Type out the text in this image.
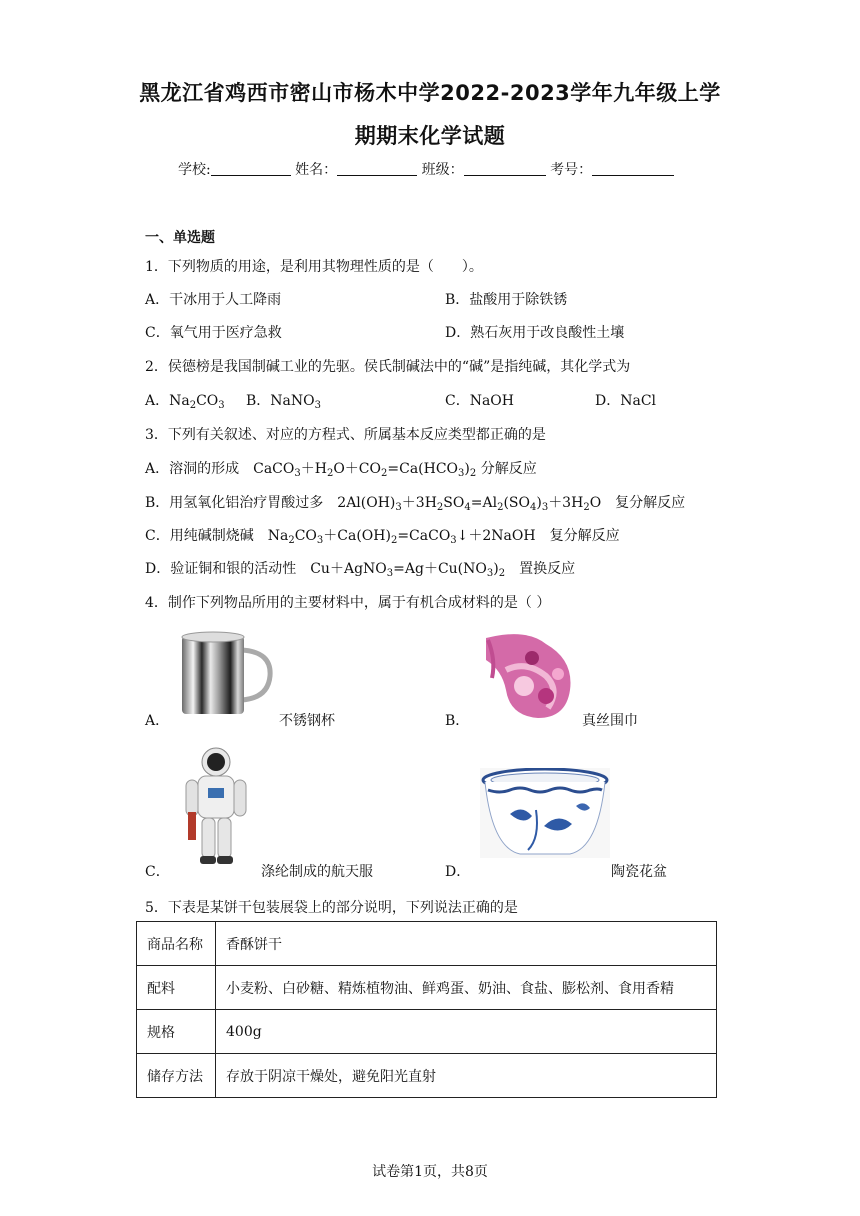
黑龙江省鸡西市密山市杨木中学2022-2023学年九年级上学
期期末化学试题
学校:	姓名：	班级：	考号：
一、单选题
1．下列物质的用途，是利用其物理性质的是（　　）。
A．干冰用于人工降雨	B．盐酸用于除铁锈
C．氧气用于医疗急救	D．熟石灰用于改良酸性土壤
2．侯德榜是我国制碱工业的先驱。侯氏制碱法中的“碱”是指纯碱，其化学式为
A．$Na_2CO_3$ B．NaNO$_3$	C．NaOH	D．NaCl
3．下列有关叙述、对应的方程式、所属基本反应类型都正确的是
A．溶洞的形成　$CaCO_3+H_2O+CO_2=Ca(HCO_3)_2$ 分解反应
B．用氢氧化铝治疗胃酸过多　$2Al(OH)_3+3H_2SO_4=Al_2(SO_4)_3+3H_2O$　复分解反应
C．用纯碱制烧碱　$Na_2CO_3+Ca(OH)_2=CaCO_3↓+2NaOH$　复分解反应
D．验证铜和银的活动性　$Cu+AgNO_3=Ag+Cu(NO_3)_2$　 置换反应
4．制作下列物品所用的主要材料中，属于有机合成材料的是（ ）
A．	不锈钢杯	B．	真丝围巾
C．	涤纶制成的航天服	D．	陶瓷花盆
5．下表是某饼干包装展袋上的部分说明，下列说法正确的是
商品名称	香酥饼干
配料	小麦粉、白砂糖、精炼植物油、鲜鸡蛋、奶油、食盐、膨松剂、食用香精
规格	400g
储存方法	存放于阴凉干燥处，避免阳光直射
试卷第1页，共8页
